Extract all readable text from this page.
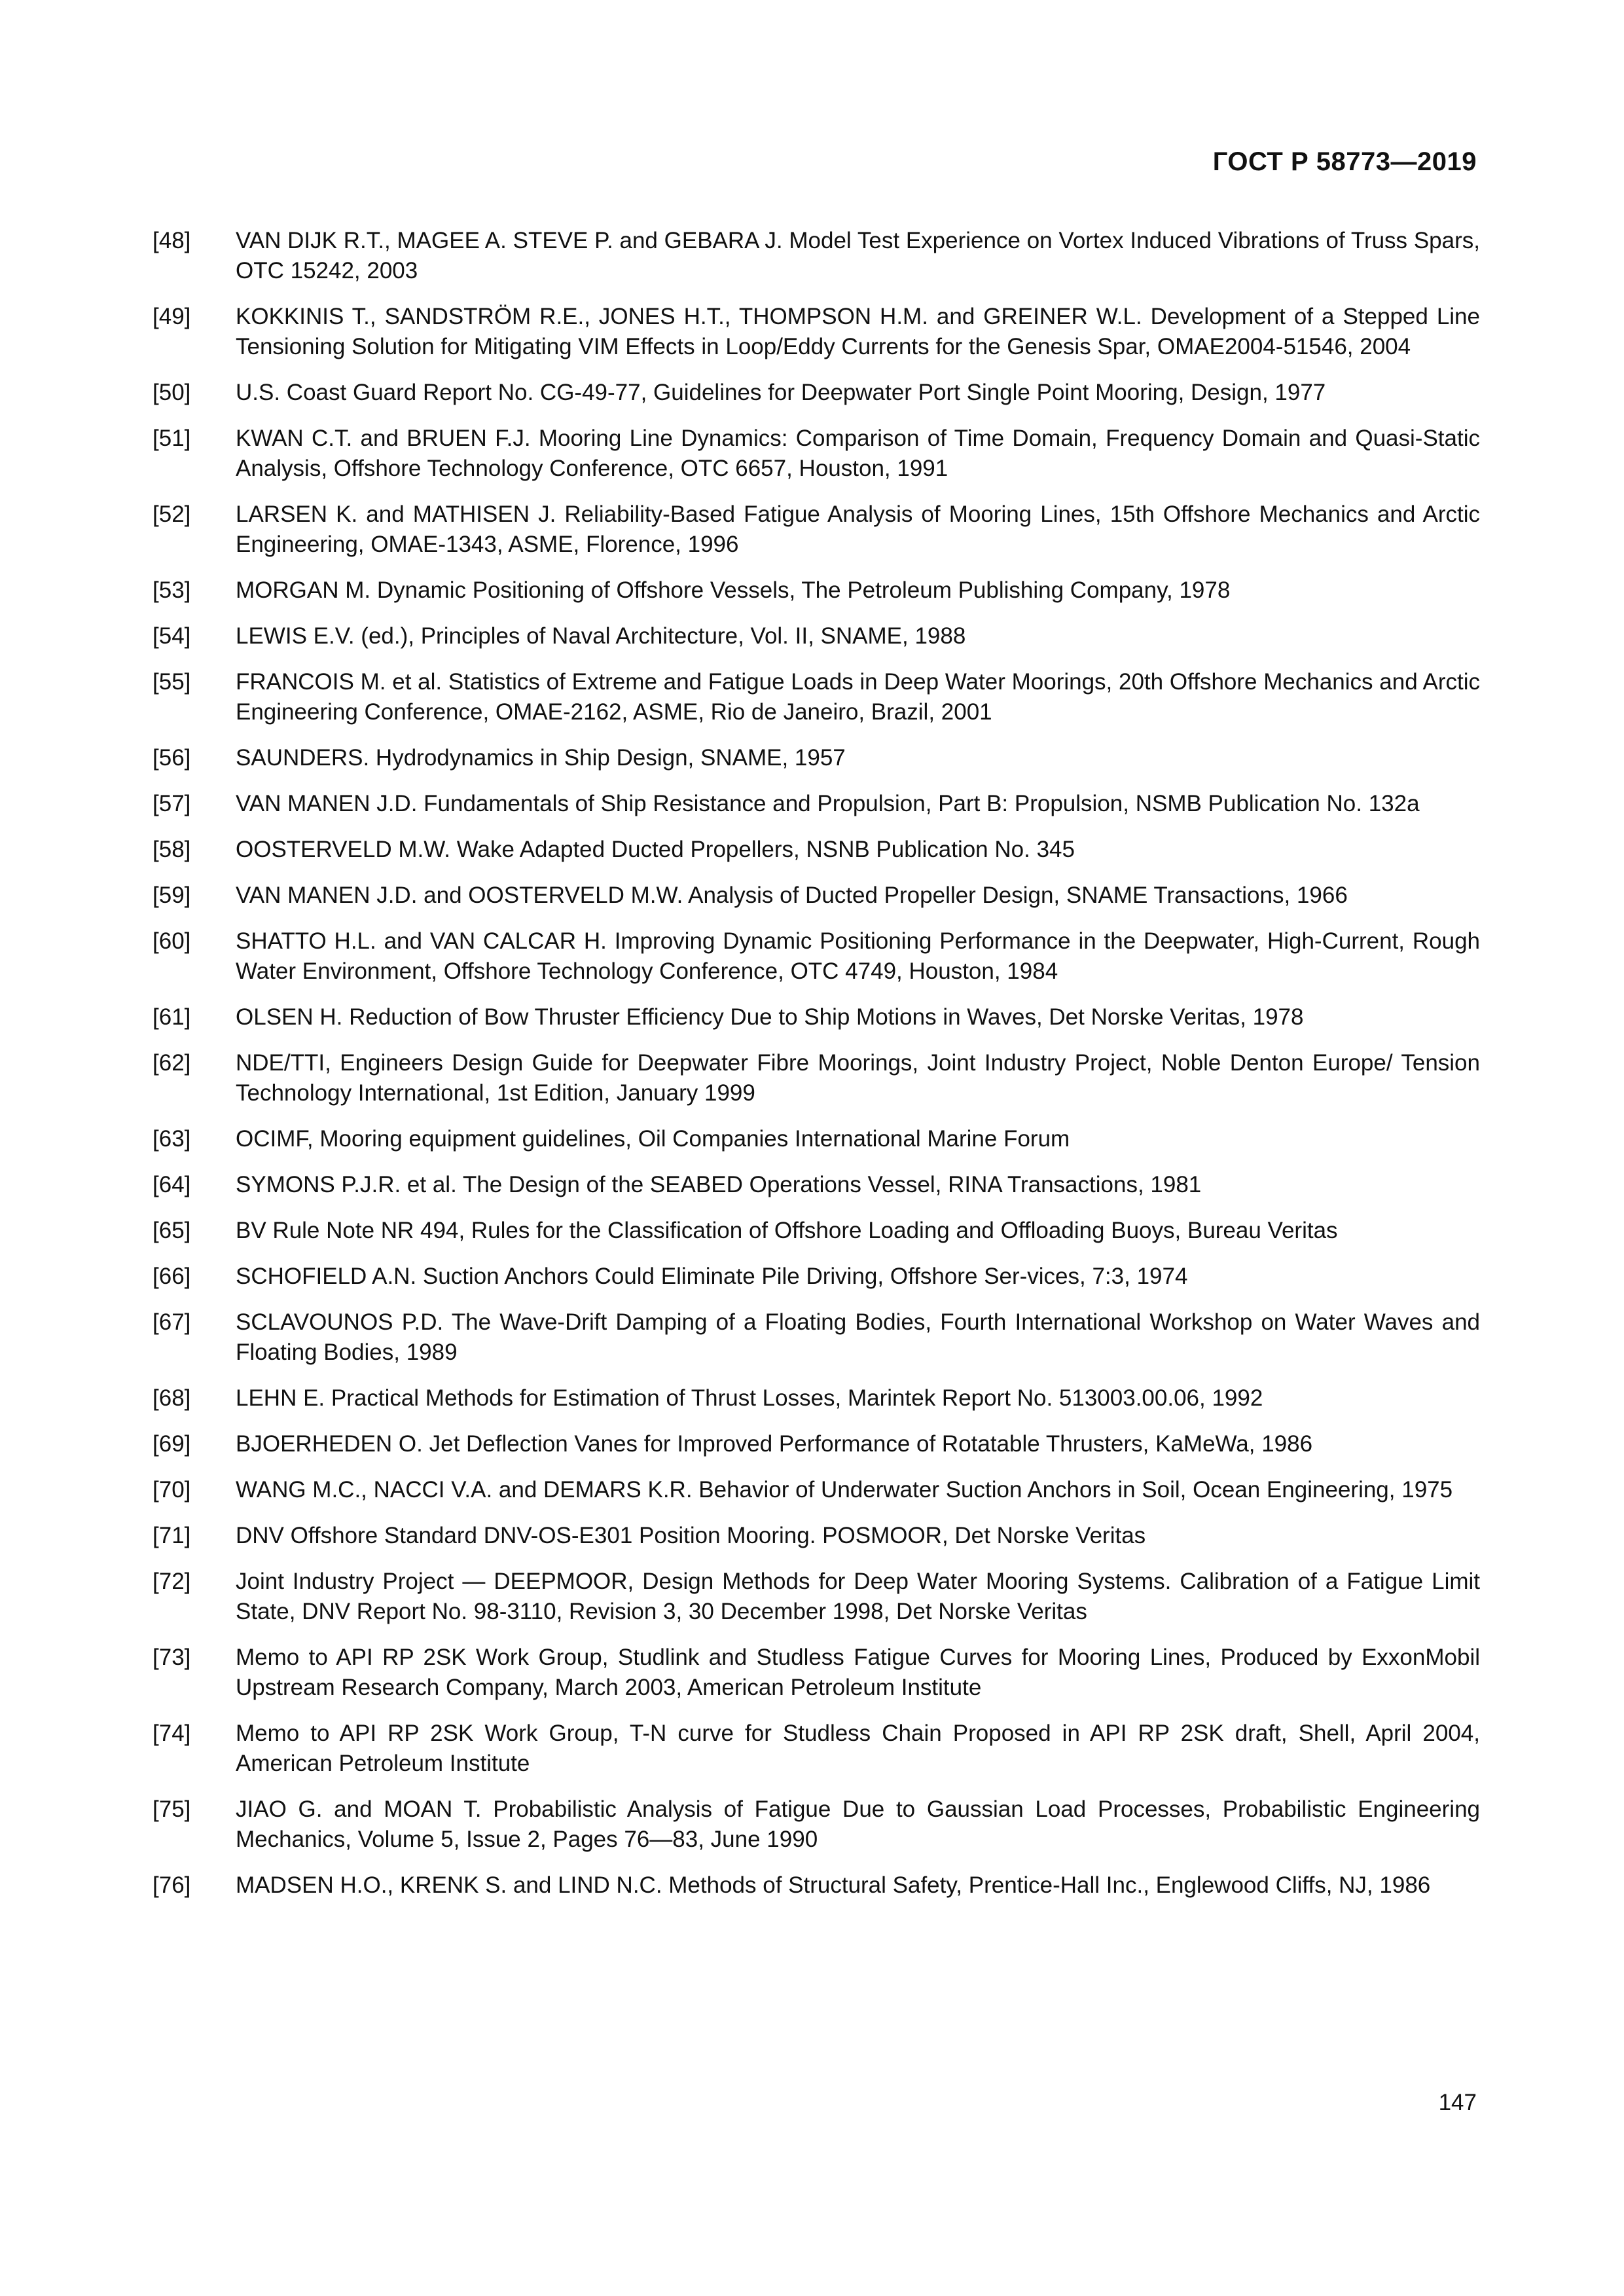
ГОСТ Р 58773—2019
[48]	VAN DIJK R.T., MAGEE A. STEVE P. and GEBARA J. Model Test Experience on Vortex Induced Vibrations of Truss Spars, OTC 15242, 2003
[49]	KOKKINIS T., SANDSTRÖM R.E., JONES H.T., THOMPSON H.M. and GREINER W.L. Development of a Stepped Line Tensioning Solution for Mitigating VIM Effects in Loop/Eddy Currents for the Genesis Spar, OMAE2004-51546, 2004
[50]	U.S. Coast Guard Report No. CG-49-77, Guidelines for Deepwater Port Single Point Mooring, Design, 1977
[51]	KWAN C.T. and BRUEN F.J. Mooring Line Dynamics: Comparison of Time Domain, Frequency Domain and Quasi-Static Analysis, Offshore Technology Conference, OTC 6657, Houston, 1991
[52]	LARSEN K. and MATHISEN J. Reliability-Based Fatigue Analysis of Mooring Lines, 15th Offshore Mechanics and Arctic Engineering, OMAE-1343, ASME, Florence, 1996
[53]	MORGAN M. Dynamic Positioning of Offshore Vessels, The Petroleum Publishing Company, 1978
[54]	LEWIS E.V. (ed.), Principles of Naval Architecture, Vol. II, SNAME, 1988
[55]	FRANCOIS M. et al. Statistics of Extreme and Fatigue Loads in Deep Water Moorings, 20th Offshore Mechanics and Arctic Engineering Conference, OMAE-2162, ASME, Rio de Janeiro, Brazil, 2001
[56]	SAUNDERS. Hydrodynamics in Ship Design, SNAME, 1957
[57]	VAN MANEN J.D. Fundamentals of Ship Resistance and Propulsion, Part B: Propulsion, NSMB Publication No. 132a
[58]	OOSTERVELD M.W. Wake Adapted Ducted Propellers, NSNB Publication No. 345
[59]	VAN MANEN J.D. and OOSTERVELD M.W. Analysis of Ducted Propeller Design, SNAME Transactions, 1966
[60]	SHATTO H.L. and VAN CALCAR H. Improving Dynamic Positioning Performance in the Deepwater, High-Current, Rough Water Environment, Offshore Technology Conference, OTC 4749, Houston, 1984
[61]	OLSEN H. Reduction of Bow Thruster Efficiency Due to Ship Motions in Waves, Det Norske Veritas, 1978
[62]	NDE/TTI, Engineers Design Guide for Deepwater Fibre Moorings, Joint Industry Project, Noble Denton Europe/ Tension Technology International, 1st Edition, January 1999
[63]	OCIMF, Mooring equipment guidelines, Oil Companies International Marine Forum
[64]	SYMONS P.J.R. et al. The Design of the SEABED Operations Vessel, RINA Transactions, 1981
[65]	BV Rule Note NR 494, Rules for the Classification of Offshore Loading and Offloading Buoys, Bureau Veritas
[66]	SCHOFIELD A.N. Suction Anchors Could Eliminate Pile Driving, Offshore Ser-vices, 7:3, 1974
[67]	SCLAVOUNOS P.D. The Wave-Drift Damping of a Floating Bodies, Fourth International Workshop on Water Waves and Floating Bodies, 1989
[68]	LEHN E. Practical Methods for Estimation of Thrust Losses, Marintek Report No. 513003.00.06, 1992
[69]	BJOERHEDEN O. Jet Deflection Vanes for Improved Performance of Rotatable Thrusters, KaMeWa, 1986
[70]	WANG M.C., NACCI V.A. and DEMARS K.R. Behavior of Underwater Suction Anchors in Soil, Ocean Engineering, 1975
[71]	DNV Offshore Standard DNV-OS-E301 Position Mooring. POSMOOR, Det Norske Veritas
[72]	Joint Industry Project — DEEPMOOR, Design Methods for Deep Water Mooring Systems. Calibration of a Fatigue Limit State, DNV Report No. 98-3110, Revision 3, 30 December 1998, Det Norske Veritas
[73]	Memo to API RP 2SK Work Group, Studlink and Studless Fatigue Curves for Mooring Lines, Produced by ExxonMobil Upstream Research Company, March 2003, American Petroleum Institute
[74]	Memo to API RP 2SK Work Group, T-N curve for Studless Chain Proposed in API RP 2SK draft, Shell, April 2004, American Petroleum Institute
[75]	JIAO G. and MOAN T. Probabilistic Analysis of Fatigue Due to Gaussian Load Processes, Probabilistic Engineering Mechanics, Volume 5, Issue 2, Pages 76—83, June 1990
[76]	MADSEN H.O., KRENK S. and LIND N.C. Methods of Structural Safety, Prentice-Hall Inc., Englewood Cliffs, NJ, 1986
147
